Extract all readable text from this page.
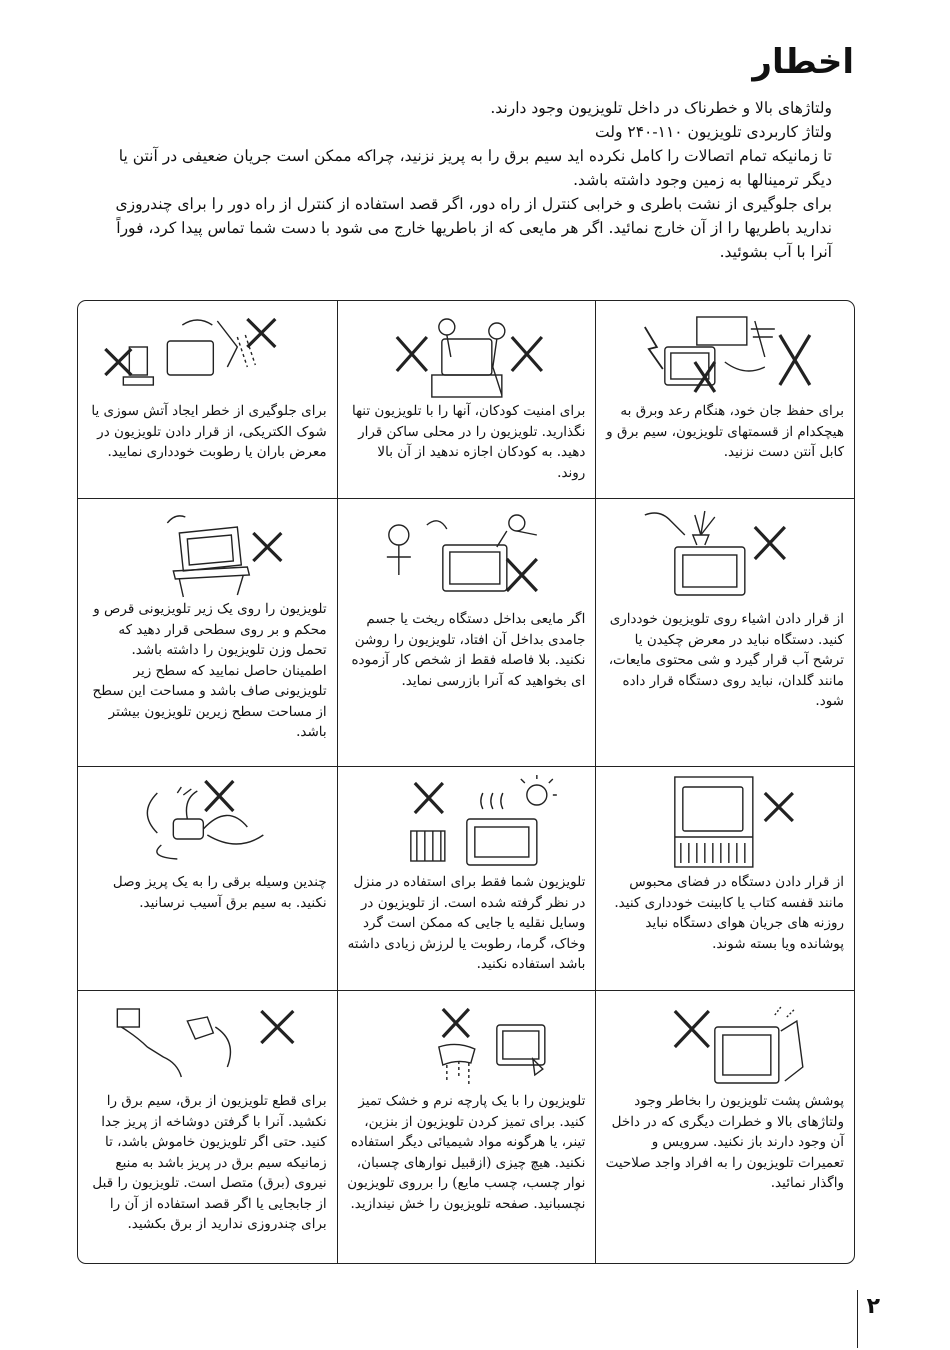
اخطار

ولتاژهای بالا و خطرناک در داخل تلویزیون وجود دارند.

ولتاژ کاربردی تلویزیون ۱۱۰-۲۴۰ ولت

تا زمانیکه تمام اتصالات را کامل نکرده اید سیم برق را به پریز نزنید، چراکه ممکن است جریان ضعیفی در آنتن یا دیگر ترمینالها به زمین وجود داشته باشد.

برای جلوگیری از نشت باطری و خرابی کنترل از راه دور، اگر قصد استفاده از کنترل از راه دور را برای چندروزی ندارید باطریها را از آن خارج نمائید. اگر هر مایعی که از باطریها خارج می شود با دست شما تماس پیدا کرد، فوراً آنرا با آب بشوئید.

برای حفظ جان خود، هنگام رعد وبرق به هیچکدام از قسمتهای تلویزیون، سیم برق و کابل آنتن دست نزنید.

برای امنیت کودکان، آنها را با تلویزیون تنها نگذارید. تلویزیون را در محلی ساکن قرار دهید. به کودکان اجازه ندهید از آن بالا روند.

برای جلوگیری از خطر ایجاد آتش سوزی یا شوک الکتریکی، از قرار دادن تلویزیون در معرض باران یا رطوبت خودداری نمایید.

از قرار دادن اشیاء روی تلویزیون خودداری کنید. دستگاه نباید در معرض چکیدن یا ترشح آب قرار گیرد و شی محتوی مایعات، مانند گلدان، نباید روی دستگاه قرار داده شود.

اگر مایعی بداخل دستگاه ریخت یا جسم جامدی بداخل آن افتاد، تلویزیون را روشن نکنید. بلا فاصله فقط از شخص کار آزموده ای بخواهید که آنرا بازرسی نماید.

تلویزیون را روی یک زیر تلویزیونی قرص و محکم و بر روی سطحی قرار دهید که تحمل وزن تلویزیون را داشته باشد. اطمینان حاصل نمایید که سطح زیر تلویزیونی صاف باشد و مساحت این سطح از مساحت سطح زیرین تلویزیون بیشتر باشد.

از قرار دادن دستگاه در فضای محبوس مانند قفسه کتاب یا کابینت خودداری کنید. روزنه های جریان هوای دستگاه نباید پوشانده ویا بسته شوند.

تلویزیون شما فقط برای استفاده در منزل در نظر گرفته شده است. از تلویزیون در وسایل نقلیه یا جایی که ممکن است گرد وخاک، گرما، رطوبت یا لرزش زیادی داشته باشد استفاده نکنید.

چندین وسیله برقی را به یک پریز وصل نکنید. به سیم برق آسیب نرسانید.

پوشش پشت تلویزیون را بخاطر وجود ولتاژهای بالا و خطرات دیگری که در داخل آن وجود دارند باز نکنید. سرویس و تعمیرات تلویزیون را به افراد واجد صلاحیت واگذار نمائید.

تلویزیون را با یک پارچه نرم و خشک تمیز کنید. برای تمیز کردن تلویزیون از بنزین، تینر، یا هرگونه مواد شیمیائی دیگر استفاده نکنید. هیچ چیزی (ازقبیل نوارهای چسبان، نوار چسب، چسب مایع) را برروی تلویزیون نچسبانید. صفحه تلویزیون را خش نیندازید.

برای قطع تلویزیون از برق، سیم برق را نکشید. آنرا با گرفتن دوشاخه از پریز جدا کنید. حتی اگر تلویزیون خاموش باشد، تا زمانیکه سیم برق در پریز باشد به منبع نیروی (برق) متصل است. تلویزیون را قبل از جابجایی یا اگر قصد استفاده از آن را برای چندروزی ندارید از برق بکشید.

۲
